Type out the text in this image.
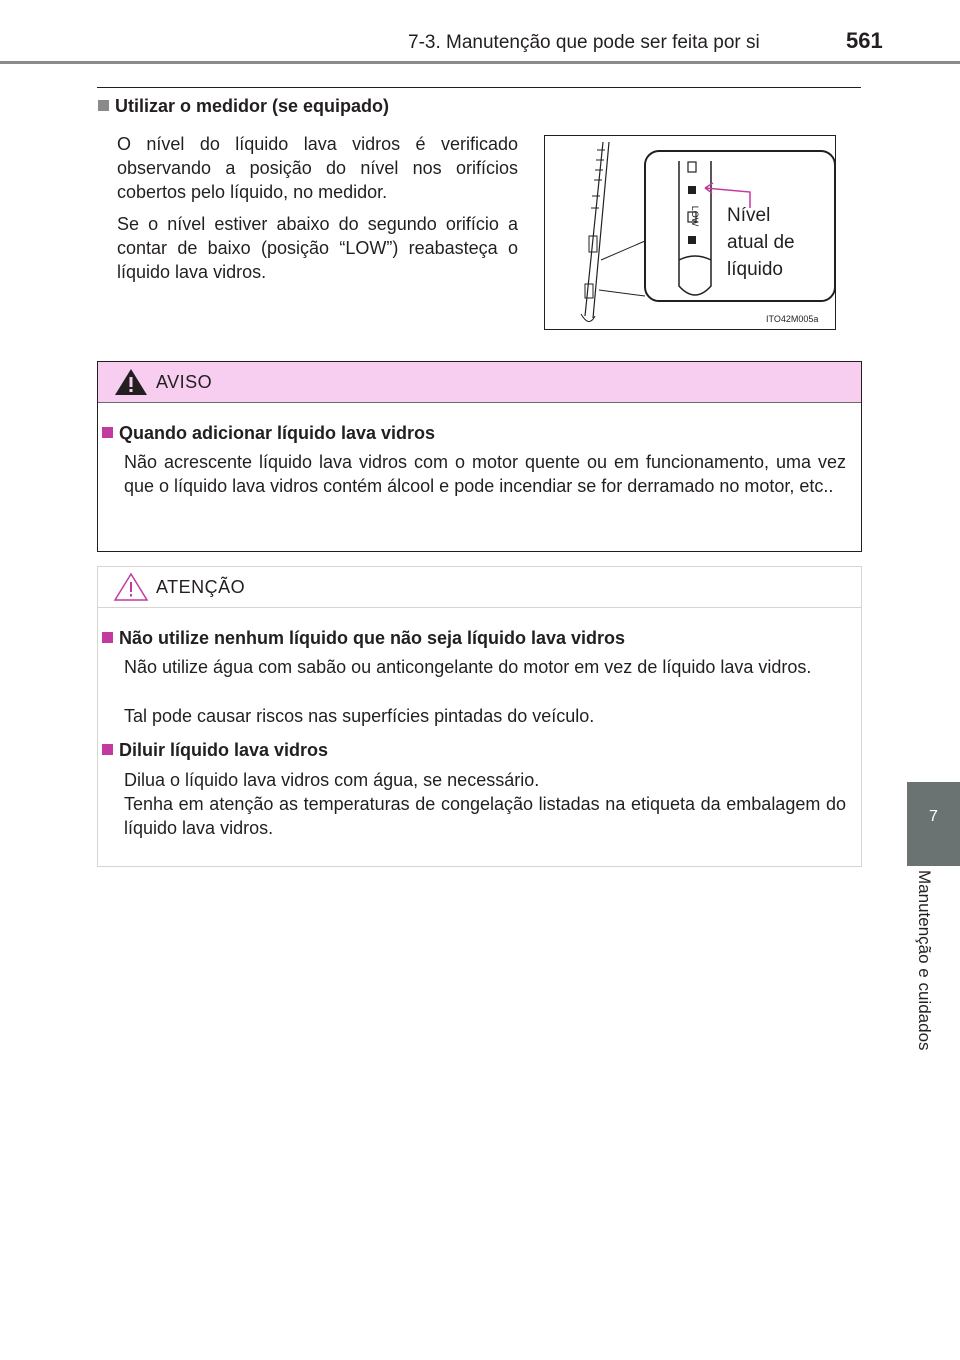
7-3. Manutenção que pode ser feita por si	561
7
Manutenção e cuidados
Utilizar o medidor (se equipado)

O nível do líquido lava vidros é verificado observando a posição do nível nos orifícios cobertos pelo líquido, no medidor.

Se o nível estiver abaixo do segundo orifício a contar de baixo (posição “LOW”) reabasteça o líquido lava vidros.

LOW Nível
atual de
líquido
ITO42M005a
AVISO
Quando adicionar líquido lava vidros

Não acrescente líquido lava vidros com o motor quente ou em funcionamento, uma vez que o líquido lava vidros contém álcool e pode incendiar se for derramado no motor, etc..

ATENÇÃO
Não utilize nenhum líquido que não seja líquido lava vidros

Não utilize água com sabão ou anticongelante do motor em vez de líquido lava vidros.

Tal pode causar riscos nas superfícies pintadas do veículo.

Diluir líquido lava vidros

Dilua o líquido lava vidros com água, se necessário.

Tenha em atenção as temperaturas de congelação listadas na etiqueta da embalagem do líquido lava vidros.
